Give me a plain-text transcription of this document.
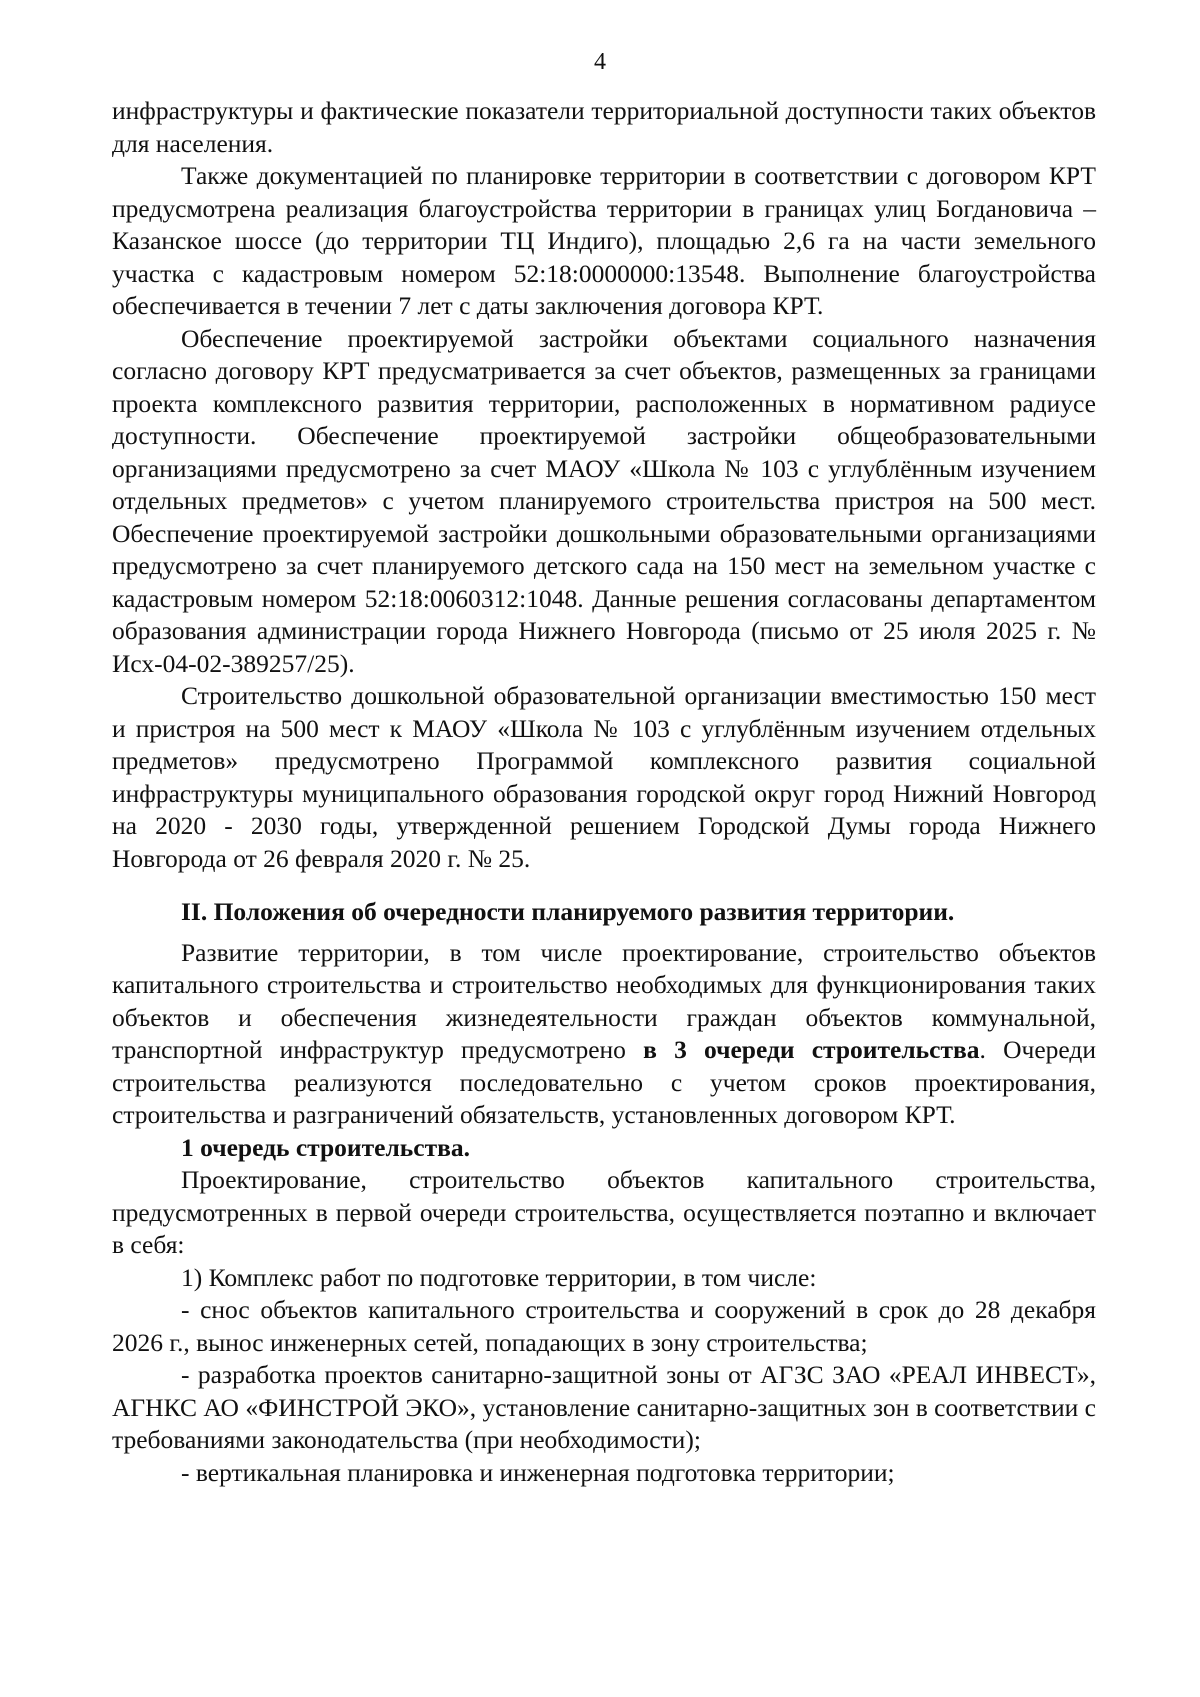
4

инфраструктуры и фактические показатели территориальной доступности таких объектов для населения.

Также документацией по планировке территории в соответствии с договором КРТ предусмотрена реализация благоустройства территории в границах улиц Богдановича – Казанское шоссе (до территории ТЦ Индиго), площадью 2,6 га на части земельного участка с кадастровым номером 52:18:0000000:13548. Выполнение благоустройства обеспечивается в течении 7 лет с даты заключения договора КРТ.

Обеспечение проектируемой застройки объектами социального назначения согласно договору КРТ предусматривается за счет объектов, размещенных за границами проекта комплексного развития территории, расположенных в нормативном радиусе доступности. Обеспечение проектируемой застройки общеобразовательными организациями предусмотрено за счет МАОУ «Школа № 103 с углублённым изучением отдельных предметов» с учетом планируемого строительства пристроя на 500 мест. Обеспечение проектируемой застройки дошкольными образовательными организациями предусмотрено за счет планируемого детского сада на 150 мест на земельном участке с кадастровым номером 52:18:0060312:1048. Данные решения согласованы департаментом образования администрации города Нижнего Новгорода (письмо от 25 июля 2025 г. № Исх-04-02-389257/25).

Строительство дошкольной образовательной организации вместимостью 150 мест и пристроя на 500 мест к МАОУ «Школа № 103 с углублённым изучением отдельных предметов» предусмотрено Программой комплексного развития социальной инфраструктуры муниципального образования городской округ город Нижний Новгород на 2020 - 2030 годы, утвержденной решением Городской Думы города Нижнего Новгорода от 26 февраля 2020 г. № 25.

II. Положения об очередности планируемого развития территории.

Развитие территории, в том числе проектирование, строительство объектов капитального строительства и строительство необходимых для функционирования таких объектов и обеспечения жизнедеятельности граждан объектов коммунальной, транспортной инфраструктур предусмотрено в 3 очереди строительства. Очереди строительства реализуются последовательно с учетом сроков проектирования, строительства и разграничений обязательств, установленных договором КРТ.

1 очередь строительства.

Проектирование, строительство объектов капитального строительства, предусмотренных в первой очереди строительства, осуществляется поэтапно и включает в себя:

1) Комплекс работ по подготовке территории, в том числе:

- снос объектов капитального строительства и сооружений в срок до 28 декабря 2026 г., вынос инженерных сетей, попадающих в зону строительства;

- разработка проектов санитарно-защитной зоны от АГЗС ЗАО «РЕАЛ ИНВЕСТ», АГНКС АО «ФИНСТРОЙ ЭКО», установление санитарно-защитных зон в соответствии с требованиями законодательства (при необходимости);

- вертикальная планировка и инженерная подготовка территории;
